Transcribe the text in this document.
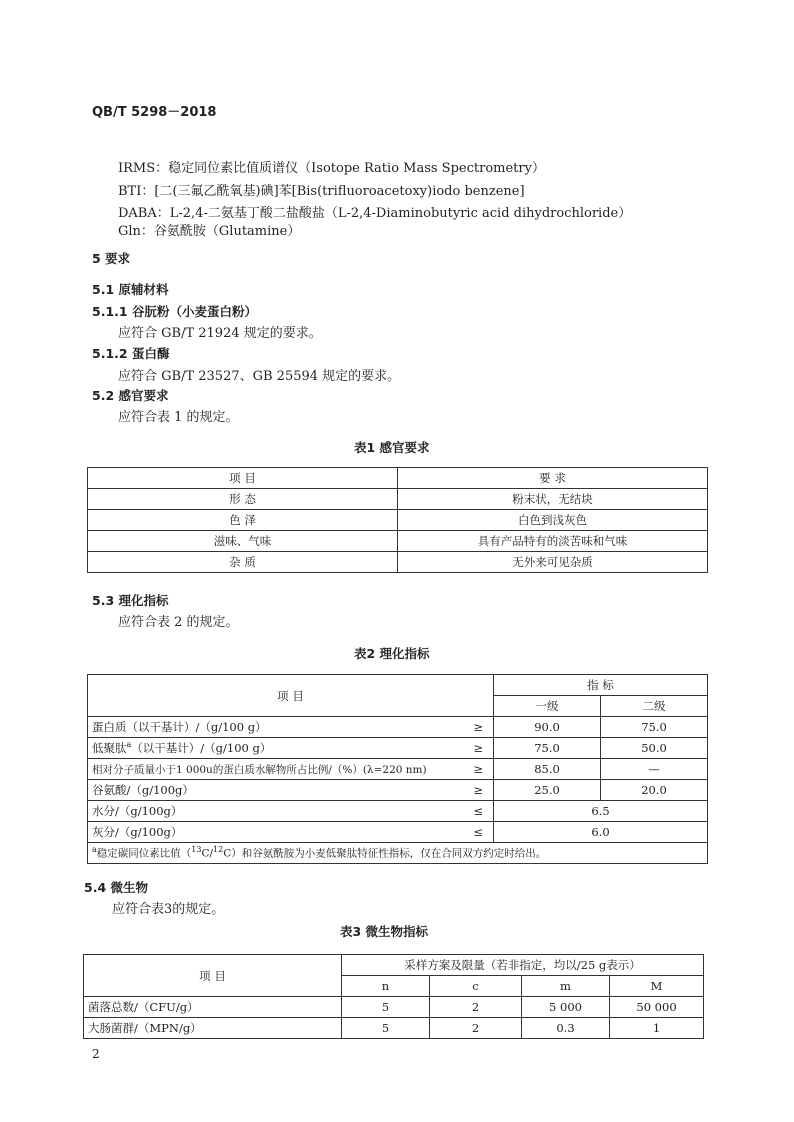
QB/T 5298－2018
IRMS：稳定同位素比值质谱仪（Isotope Ratio Mass Spectrometry）
BTI：[二(三氟乙酰氧基)碘]苯[Bis(trifluoroacetoxy)iodo benzene]
DABA：L-2,4-二氨基丁酸二盐酸盐（L-2,4-Diaminobutyric acid dihydrochloride）
Gln：谷氨酰胺（Glutamine）
5 要求
5.1 原辅材料
5.1.1 谷朊粉（小麦蛋白粉）
应符合 GB/T 21924 规定的要求。
5.1.2 蛋白酶
应符合 GB/T 23527、GB 25594 规定的要求。
5.2 感官要求
应符合表 1 的规定。
表1 感官要求
项 目	要 求
形 态	粉末状，无结块
色 泽	白色到浅灰色
滋味、气味	具有产品特有的淡苦味和气味
杂 质	无外来可见杂质
5.3 理化指标
应符合表 2 的规定。
表2 理化指标
项 目		指 标	
		一级	二级
蛋白质（以干基计）/（g/100 g）	≥	90.0	75.0
低聚肽$^a$（以干基计）/（g/100 g）	≥	75.0	50.0
相对分子质量小于1 000u的蛋白质水解物所占比例/（%）(λ=220 nm)	≥	85.0	—
谷氨酸/（g/100g）	≥	25.0	20.0
水分/（g/100g）	≤	6.5	
灰分/（g/100g）	≤	6.0	
$^a$稳定碳同位素比值（$^{13}$C/$^{12}$C）和谷氨酰胺为小麦低聚肽特征性指标，仅在合同双方约定时给出。			
5.4 微生物
应符合表3的规定。
表3 微生物指标
项 目	采样方案及限量（若非指定，均以/25 g表示）			
	n	c	m	M
菌落总数/（CFU/g）	5	2	5 000	50 000
大肠菌群/（MPN/g）	5	2	0.3	1
2
